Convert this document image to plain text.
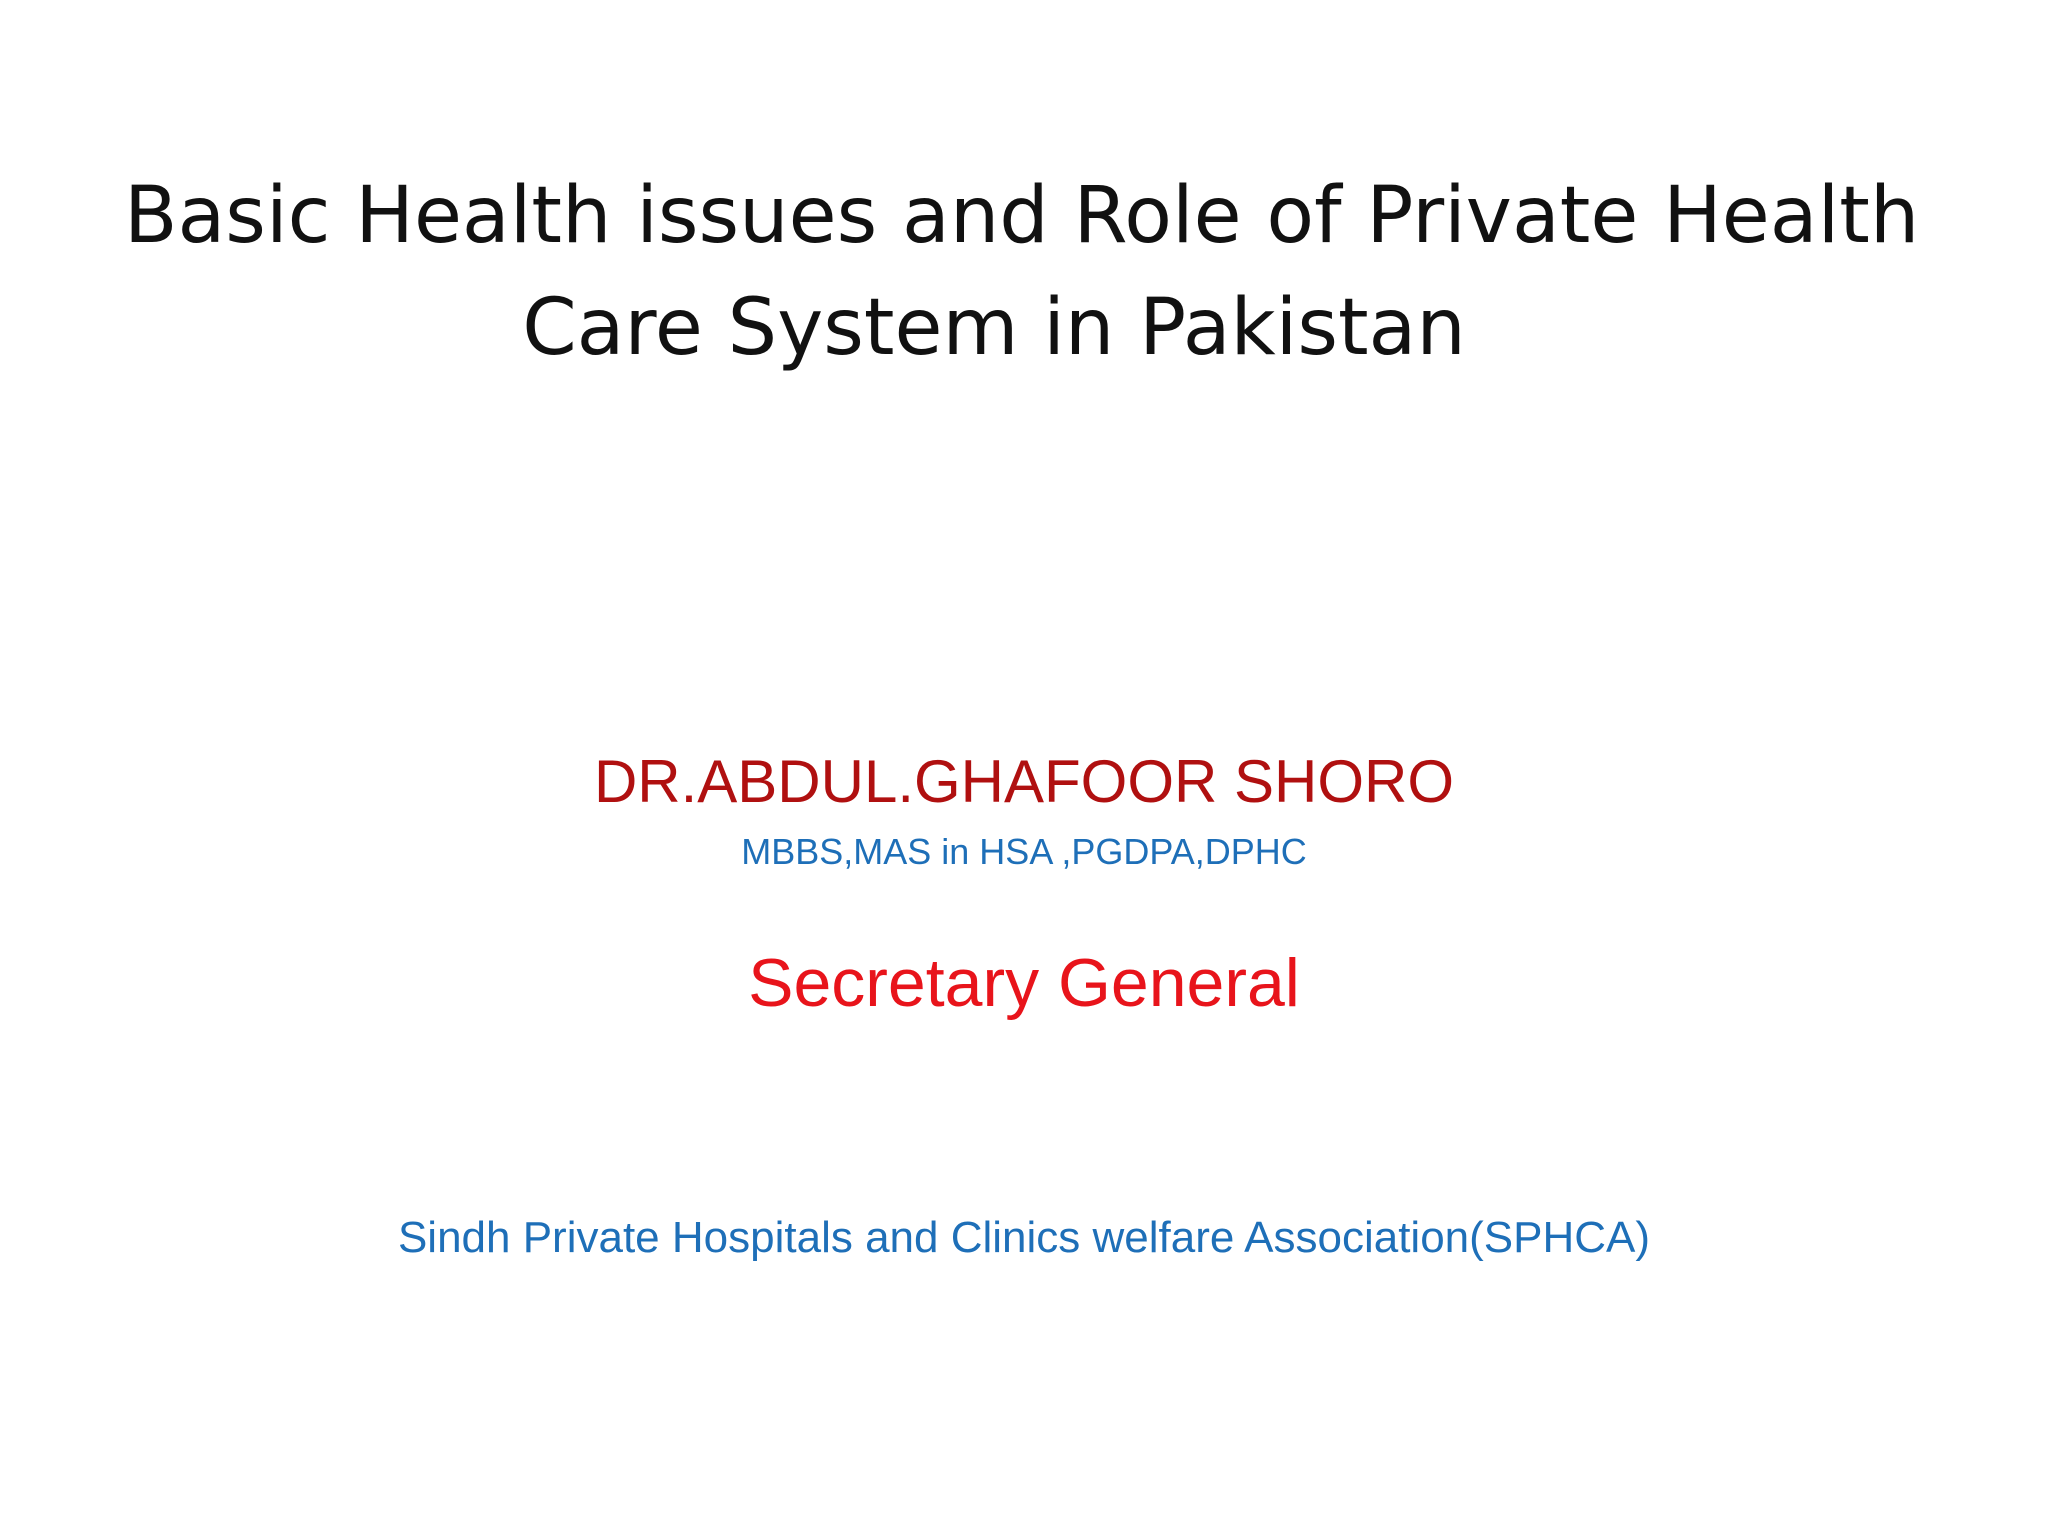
Basic Health issues and Role of Private Health
Care System in Pakistan
DR.ABDUL.GHAFOOR SHORO
MBBS,MAS in HSA ,PGDPA,DPHC
Secretary General
Sindh Private Hospitals and Clinics welfare Association(SPHCA)
